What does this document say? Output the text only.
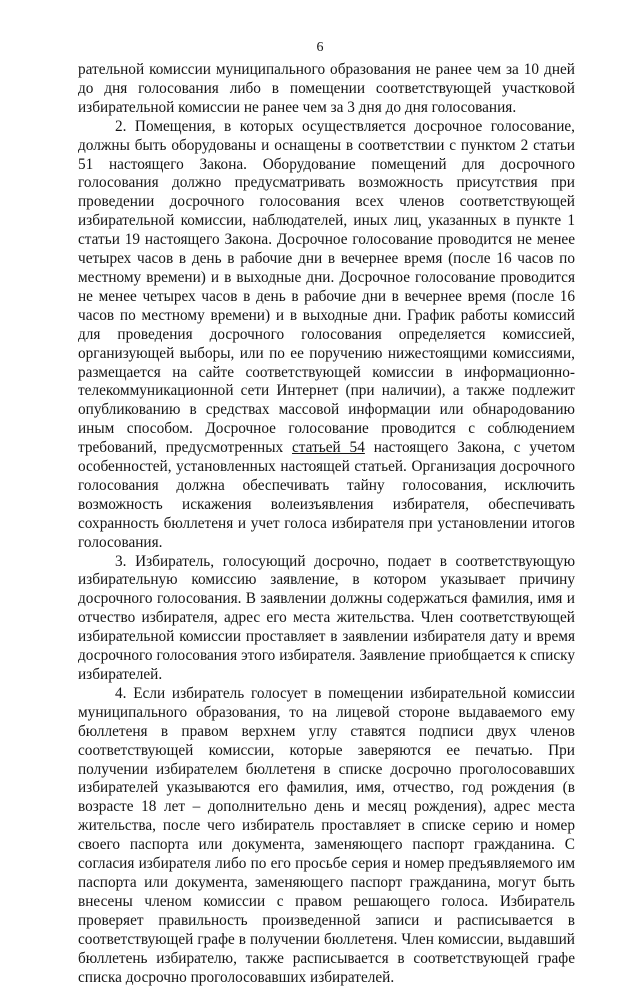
6

рательной комиссии муниципального образования не ранее чем за 10 дней до дня голосования либо в помещении соответствующей участковой избирательной комиссии не ранее чем за 3 дня до дня голосования.

2. Помещения, в которых осуществляется досрочное голосование, должны быть оборудованы и оснащены в соответствии с пунктом 2 статьи 51 настоящего Закона. Оборудование помещений для досрочного голосования должно предусматривать возможность присутствия при проведении досрочного голосования всех членов соответствующей избирательной комиссии, наблюдателей, иных лиц, указанных в пункте 1 статьи 19 настоящего Закона. Досрочное голосование проводится не менее четырех часов в день в рабочие дни в вечернее время (после 16 часов по местному времени) и в выходные дни. Досрочное голосование проводится не менее четырех часов в день в рабочие дни в вечернее время (после 16 часов по местному времени) и в выходные дни. График работы комиссий для проведения досрочного голосования определяется комиссией, организующей выборы, или по ее поручению нижестоящими комиссиями, размещается на сайте соответствующей комиссии в информационно-телекоммуникационной сети Интернет (при наличии), а также подлежит опубликованию в средствах массовой информации или обнародованию иным способом. Досрочное голосование проводится с соблюдением требований, предусмотренных статьей 54 настоящего Закона, с учетом особенностей, установленных настоящей статьей. Организация досрочного голосования должна обеспечивать тайну голосования, исключить возможность искажения волеизъявления избирателя, обеспечивать сохранность бюллетеня и учет голоса избирателя при установлении итогов голосования.

3. Избиратель, голосующий досрочно, подает в соответствующую избирательную комиссию заявление, в котором указывает причину досрочного голосования. В заявлении должны содержаться фамилия, имя и отчество избирателя, адрес его места жительства. Член соответствующей избирательной комиссии проставляет в заявлении избирателя дату и время досрочного голосования этого избирателя. Заявление приобщается к списку избирателей.

4. Если избиратель голосует в помещении избирательной комиссии муниципального образования, то на лицевой стороне выдаваемого ему бюллетеня в правом верхнем углу ставятся подписи двух членов соответствующей комиссии, которые заверяются ее печатью. При получении избирателем бюллетеня в списке досрочно проголосовавших избирателей указываются его фамилия, имя, отчество, год рождения (в возрасте 18 лет – дополнительно день и месяц рождения), адрес места жительства, после чего избиратель проставляет в списке серию и номер своего паспорта или документа, заменяющего паспорт гражданина. С согласия избирателя либо по его просьбе серия и номер предъявляемого им паспорта или документа, заменяющего паспорт гражданина, могут быть внесены членом комиссии с правом решающего голоса. Избиратель проверяет правильность произведенной записи и расписывается в соответствующей графе в получении бюллетеня. Член комиссии, выдавший бюллетень избирателю, также расписывается в соответствующей графе списка досрочно проголосовавших избирателей.
